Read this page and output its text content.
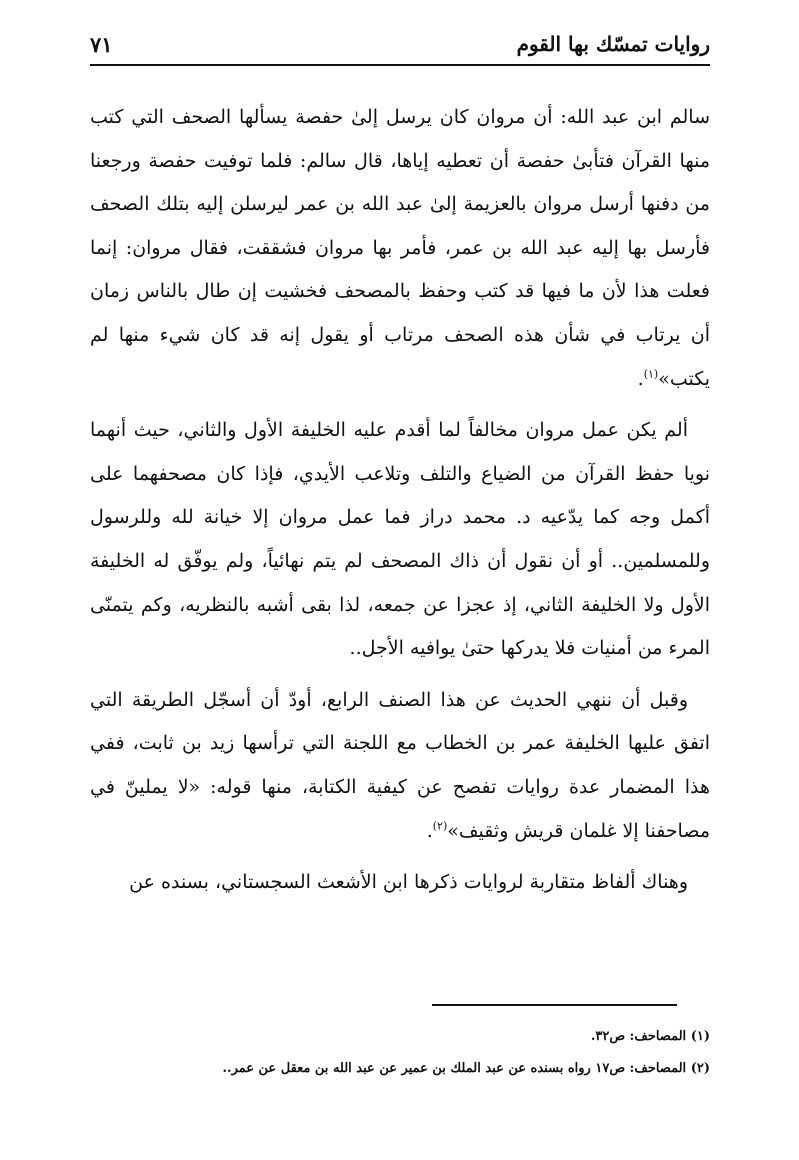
روايات تمسّك بها القوم
٧١

سالم ابن عبد الله: أن مروان كان يرسل إلىٰ حفصة يسألها الصحف التي كتب منها القرآن فتأبىٰ حفصة أن تعطيه إياها، قال سالم: فلما توفيت حفصة ورجعنا من دفنها أرسل مروان بالعزيمة إلىٰ عبد الله بن عمر ليرسلن إليه بتلك الصحف فأرسل بها إليه عبد الله بن عمر، فأمر بها مروان فشققت، فقال مروان: إنما فعلت هذا لأن ما فيها قد كتب وحفظ بالمصحف فخشيت إن طال بالناس زمان أن يرتاب في شأن هذه الصحف مرتاب أو يقول إنه قد كان شيء منها لم يكتب»$^{(١)}$.

ألم يكن عمل مروان مخالفاً لما أقدم عليه الخليفة الأول والثاني، حيث أنهما نويا حفظ القرآن من الضياع والتلف وتلاعب الأيدي، فإذا كان مصحفهما على أكمل وجه كما يدّعيه د. محمد دراز فما عمل مروان إلا خيانة لله وللرسول وللمسلمين.. أو أن نقول أن ذاك المصحف لم يتم نهائياً، ولم يوفّق له الخليفة الأول ولا الخليفة الثاني، إذ عجزا عن جمعه، لذا بقى أشبه بالنظريه، وكم يتمنّى المرء من أمنيات فلا يدركها حتىٰ يوافيه الأجل..

وقبل أن ننهي الحديث عن هذا الصنف الرابع، أودّ أن أسجّل الطريقة التي اتفق عليها الخليفة عمر بن الخطاب مع اللجنة التي ترأسها زيد بن ثابت، ففي هذا المضمار عدة روايات تفصح عن كيفية الكتابة، منها قوله: «لا يملينّ في مصاحفنا إلا غلمان قريش وثقيف»$^{(٢)}$.

وهناك ألفاظ متقاربة لروايات ذكرها ابن الأشعث السجستاني، بسنده عن

(١) المصاحف: ص٣٢.

(٢) المصاحف: ص١٧ رواه بسنده عن عبد الملك بن عمير عن عبد الله بن معقل عن عمر..
